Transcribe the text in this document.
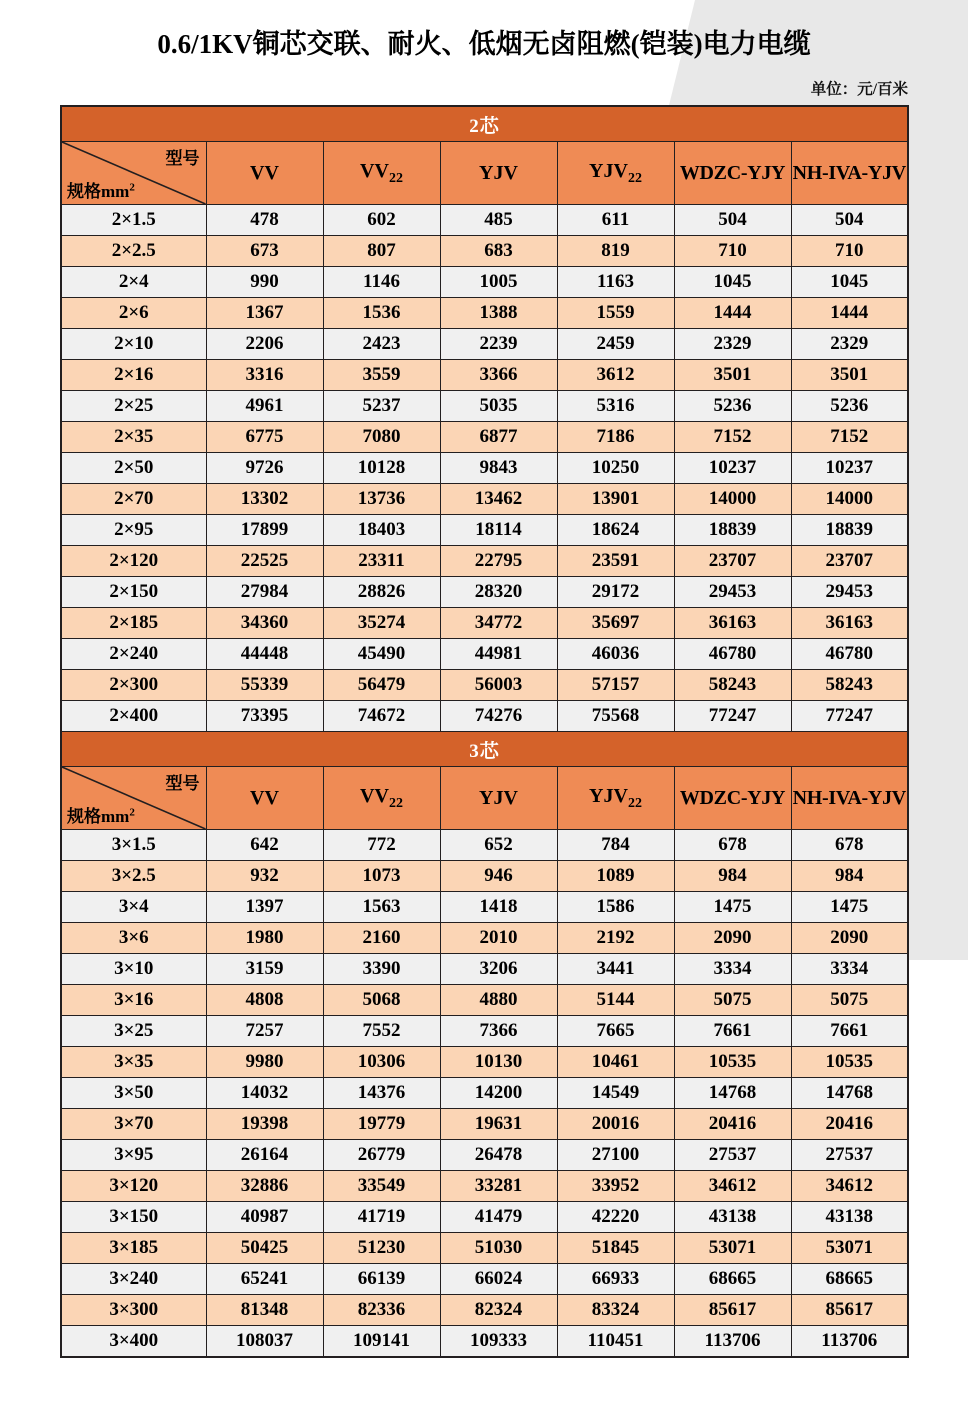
0.6/1KV铜芯交联、耐火、低烟无卤阻燃(铠装)电力电缆
单位：元/百米
2芯						

型号
规格$mm^2$	VV	$VV_{22}$	YJV	$YJV_{22}$	WDZC-YJY	NH-IVA-YJV
2×1.5	478	602	485	611	504	504
2×2.5	673	807	683	819	710	710
2×4	990	1146	1005	1163	1045	1045
2×6	1367	1536	1388	1559	1444	1444
2×10	2206	2423	2239	2459	2329	2329
2×16	3316	3559	3366	3612	3501	3501
2×25	4961	5237	5035	5316	5236	5236
2×35	6775	7080	6877	7186	7152	7152
2×50	9726	10128	9843	10250	10237	10237
2×70	13302	13736	13462	13901	14000	14000
2×95	17899	18403	18114	18624	18839	18839
2×120	22525	23311	22795	23591	23707	23707
2×150	27984	28826	28320	29172	29453	29453
2×185	34360	35274	34772	35697	36163	36163
2×240	44448	45490	44981	46036	46780	46780
2×300	55339	56479	56003	57157	58243	58243
2×400	73395	74672	74276	75568	77247	77247
3芯						

型号
规格$mm^2$	VV	$VV_{22}$	YJV	$YJV_{22}$	WDZC-YJY	NH-IVA-YJV
3×1.5	642	772	652	784	678	678
3×2.5	932	1073	946	1089	984	984
3×4	1397	1563	1418	1586	1475	1475
3×6	1980	2160	2010	2192	2090	2090
3×10	3159	3390	3206	3441	3334	3334
3×16	4808	5068	4880	5144	5075	5075
3×25	7257	7552	7366	7665	7661	7661
3×35	9980	10306	10130	10461	10535	10535
3×50	14032	14376	14200	14549	14768	14768
3×70	19398	19779	19631	20016	20416	20416
3×95	26164	26779	26478	27100	27537	27537
3×120	32886	33549	33281	33952	34612	34612
3×150	40987	41719	41479	42220	43138	43138
3×185	50425	51230	51030	51845	53071	53071
3×240	65241	66139	66024	66933	68665	68665
3×300	81348	82336	82324	83324	85617	85617
3×400	108037	109141	109333	110451	113706	113706
